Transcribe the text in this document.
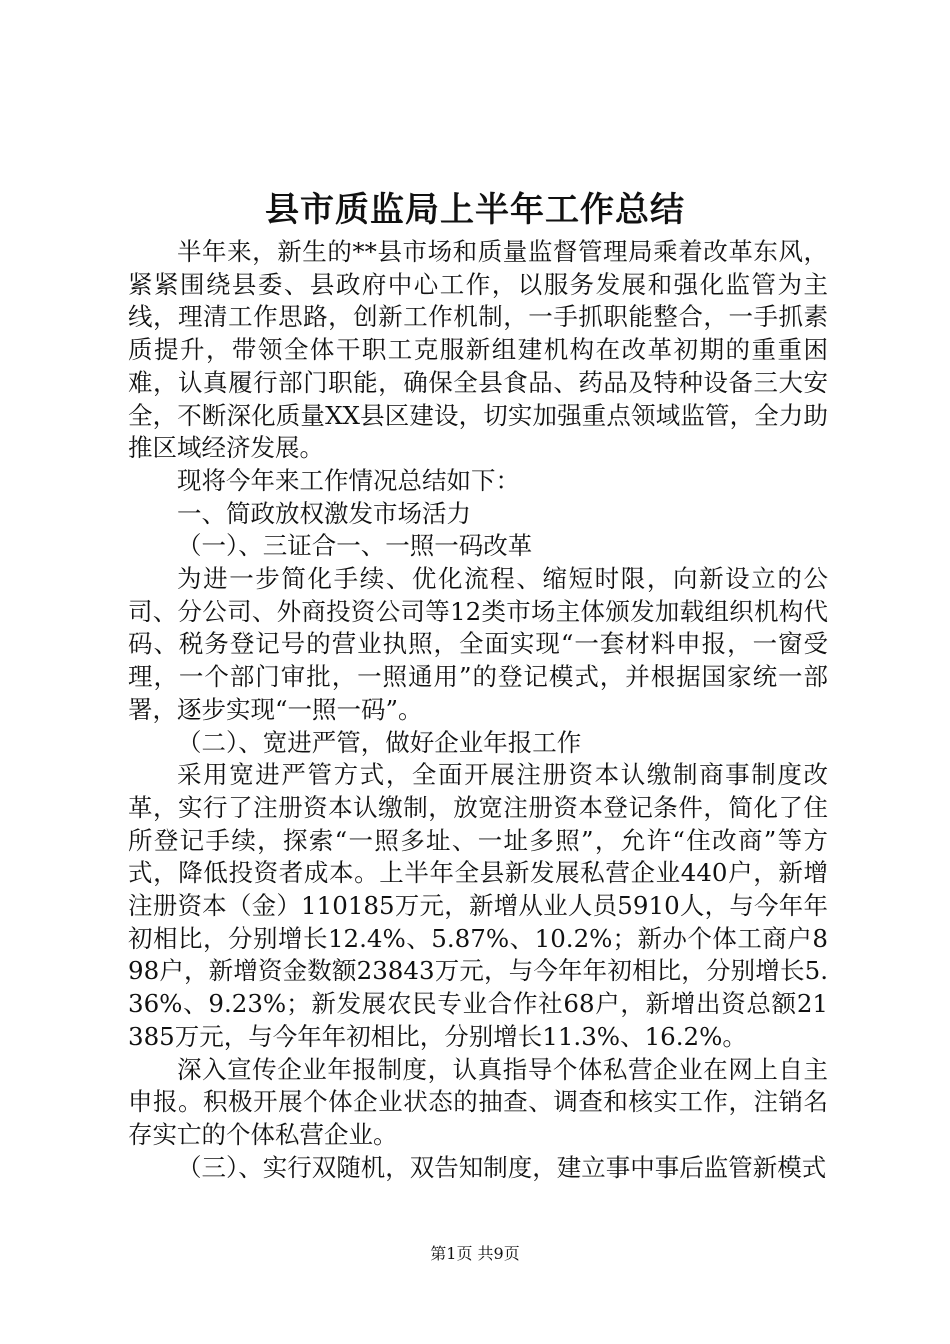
县市质监局上半年工作总结

半年来，新生的**县市场和质量监督管理局乘着改革东风，紧紧围绕县委、县政府中心工作，以服务发展和强化监管为主线，理清工作思路，创新工作机制，一手抓职能整合，一手抓素质提升，带领全体干职工克服新组建机构在改革初期的重重困难，认真履行部门职能，确保全县食品、药品及特种设备三大安全，不断深化质量XX县区建设，切实加强重点领域监管，全力助推区域经济发展。

现将今年来工作情况总结如下：

一、简政放权激发市场活力

（一）、三证合一、一照一码改革

为进一步简化手续、优化流程、缩短时限，向新设立的公司、分公司、外商投资公司等12类市场主体颁发加载组织机构代码、税务登记号的营业执照，全面实现“一套材料申报，一窗受理，一个部门审批，一照通用”的登记模式，并根据国家统一部署，逐步实现“一照一码”。

（二）、宽进严管，做好企业年报工作

采用宽进严管方式，全面开展注册资本认缴制商事制度改革，实行了注册资本认缴制，放宽注册资本登记条件，简化了住所登记手续，探索“一照多址、一址多照”，允许“住改商”等方式，降低投资者成本。上半年全县新发展私营企业440户，新增注册资本（金）110185万元，新增从业人员5910人，与今年年初相比，分别增长12.4%、5.87%、10.2%；新办个体工商户898户，新增资金数额23843万元，与今年年初相比，分别增长5.36%、9.23%；新发展农民专业合作社68户，新增出资总额21385万元，与今年年初相比，分别增长11.3%、16.2%。

深入宣传企业年报制度，认真指导个体私营企业在网上自主申报。积极开展个体企业状态的抽查、调查和核实工作，注销名存实亡的个体私营企业。

（三）、实行双随机，双告知制度，建立事中事后监管新模式

第1页 共9页
